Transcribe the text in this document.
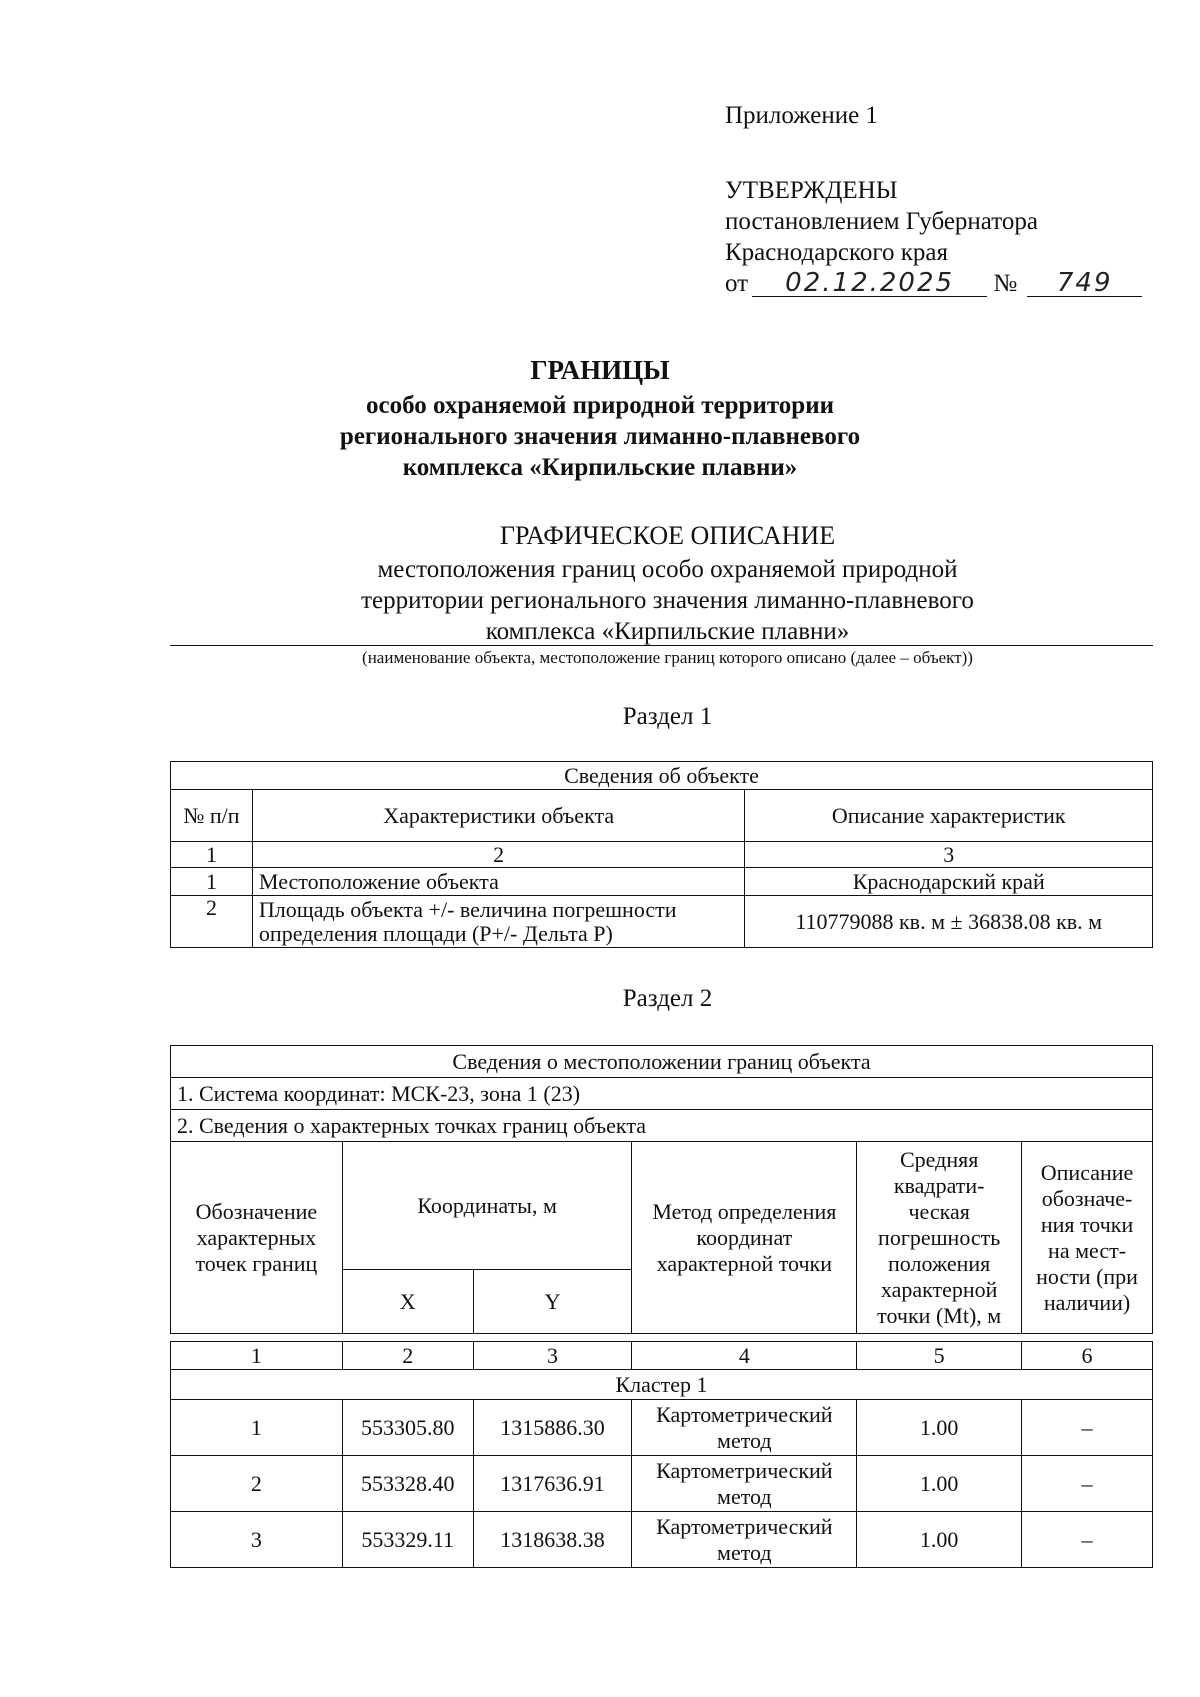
Приложение 1
УТВЕРЖДЕНЫ
постановлением Губернатора
Краснодарского края
от 02.12.2025 № 749
ГРАНИЦЫ
особо охраняемой природной территории
регионального значения лиманно-плавневого
комплекса «Кирпильские плавни»
ГРАФИЧЕСКОЕ ОПИСАНИЕ
местоположения границ особо охраняемой природной
территории регионального значения лиманно-плавневого
комплекса «Кирпильские плавни»
(наименование объекта, местоположение границ которого описано (далее – объект))
Раздел 1
Сведения об объекте		
№ п/п	Характеристики объекта	Описание характеристик
1	2	3
1	Местоположение объекта	Краснодарский край
2	Площадь объекта +/- величина погрешности определения площади (P+/- Дельта P)	110779088 кв. м ± 36838.08 кв. м
Раздел 2
Сведения о местоположении границ объекта					
1. Система координат: МСК-23, зона 1 (23)					
2. Сведения о характерных точках границ объекта					
Обозначение характерных точек границ	Координаты, м		Метод определения координат характерной точки	Средняя квадрати-ческая погрешность положения характерной точки (Mt), м	Описание обозначе-ния точки на мест-ности (при наличии)
	X	Y			

1	2	3	4	5	6
Кластер 1					
1	553305.80	1315886.30	Картометрический метод	1.00	–
2	553328.40	1317636.91	Картометрический метод	1.00	–
3	553329.11	1318638.38	Картометрический метод	1.00	–
